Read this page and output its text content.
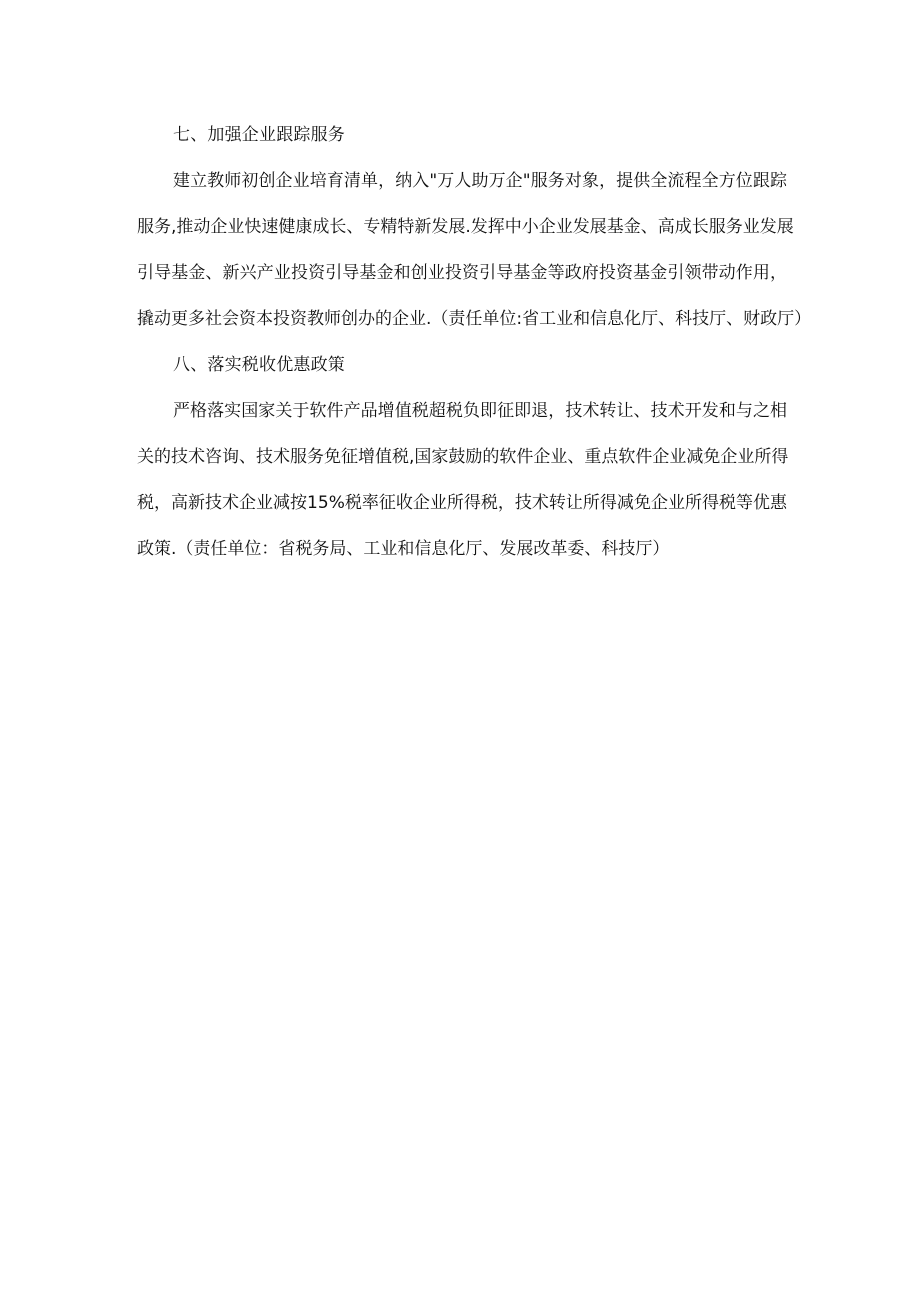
七、加强企业跟踪服务
建立教师初创企业培育清单，纳入"万人助万企"服务对象，提供全流程全方位跟踪
服务,推动企业快速健康成长、专精特新发展.发挥中小企业发展基金、高成长服务业发展
引导基金、新兴产业投资引导基金和创业投资引导基金等政府投资基金引领带动作用，
撬动更多社会资本投资教师创办的企业.（责任单位:省工业和信息化厅、科技厅、财政厅）
八、落实税收优惠政策
严格落实国家关于软件产品增值税超税负即征即退，技术转让、技术开发和与之相
关的技术咨询、技术服务免征增值税,国家鼓励的软件企业、重点软件企业减免企业所得
税，高新技术企业减按15%税率征收企业所得税，技术转让所得减免企业所得税等优惠
政策.（责任单位：省税务局、工业和信息化厅、发展改革委、科技厅）
